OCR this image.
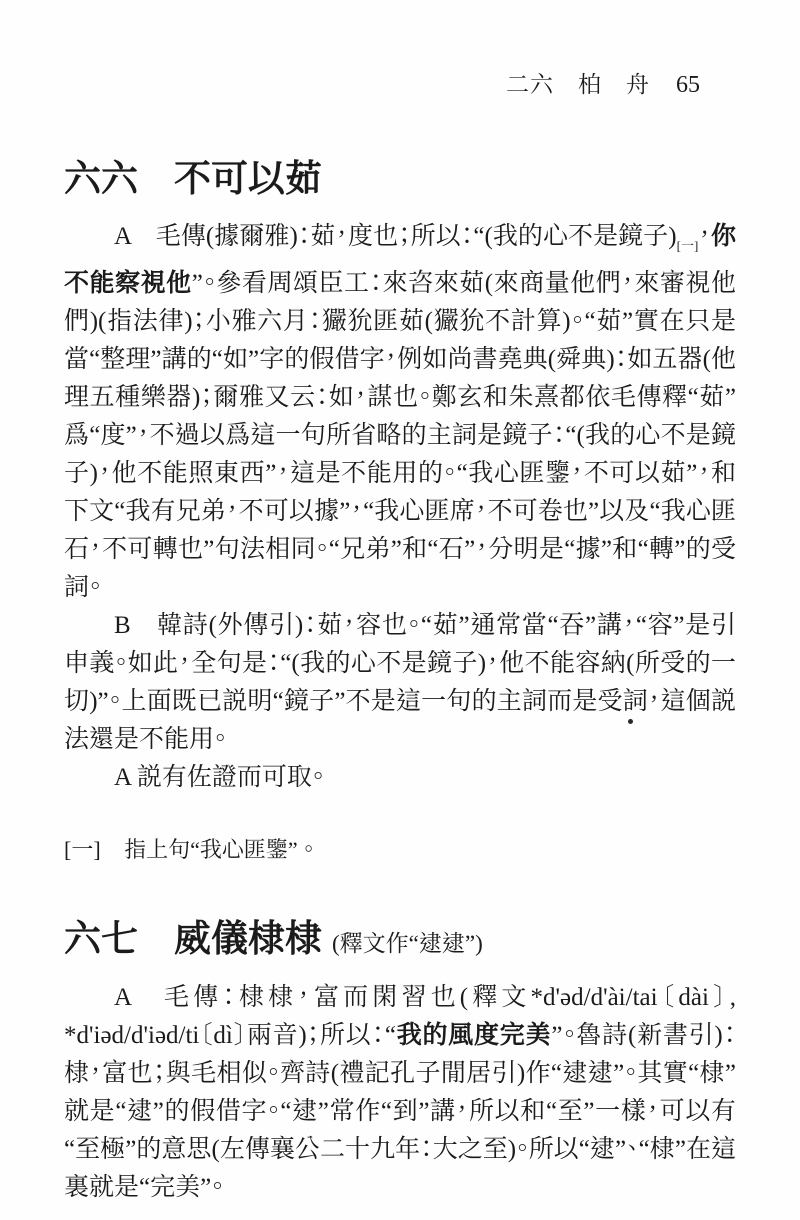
二六　柏　舟 65
六六 不可以茹

A　毛傳(據爾雅)：茹，度也；所以：“(我的心不是鏡子)$_{[一]}$，你不能察視他”。參看周頌臣工：來咨來茹(來商量他們，來審視他們)(指法律)；小雅六月：玁狁匪茹(玁狁不計算)。“茹”實在只是當“整理”講的“如”字的假借字，例如尚書堯典(舜典)：如五器(他理五種樂器)；爾雅又云：如，謀也。鄭玄和朱熹都依毛傳釋“茹”爲“度”，不過以爲這一句所省略的主詞是鏡子：“(我的心不是鏡子)，他不能照東西”，這是不能用的。“我心匪鑒，不可以茹”，和下文“我有兄弟，不可以據”，“我心匪席，不可卷也”以及“我心匪石，不可轉也”句法相同。“兄弟”和“石”，分明是“據”和“轉”的受詞。

B　韓詩(外傳引)：茹，容也。“茹”通常當“吞”講，“容”是引申義。如此，全句是：“(我的心不是鏡子)，他不能容納(所受的一切)”。上面既已説明“鏡子”不是這一句的主詞而是受詞，這個説法還是不能用。

A 説有佐證而可取。

[一] 指上句“我心匪鑒”。
六七 威儀棣棣 (釋文作“逮逮”)

A　毛傳：棣棣，富而閑習也(釋文*d'əd/d'ài/tai〔dài〕, *d'iəd/d'iəd/ti〔dì〕兩音)；所以：“我的風度完美”。魯詩(新書引)：棣，富也；與毛相似。齊詩(禮記孔子閒居引)作“逮逮”。其實“棣”就是“逮”的假借字。“逮”常作“到”講，所以和“至”一樣，可以有“至極”的意思(左傳襄公二十九年：大之至)。所以“逮”、“棣”在這裏就是“完美”。
